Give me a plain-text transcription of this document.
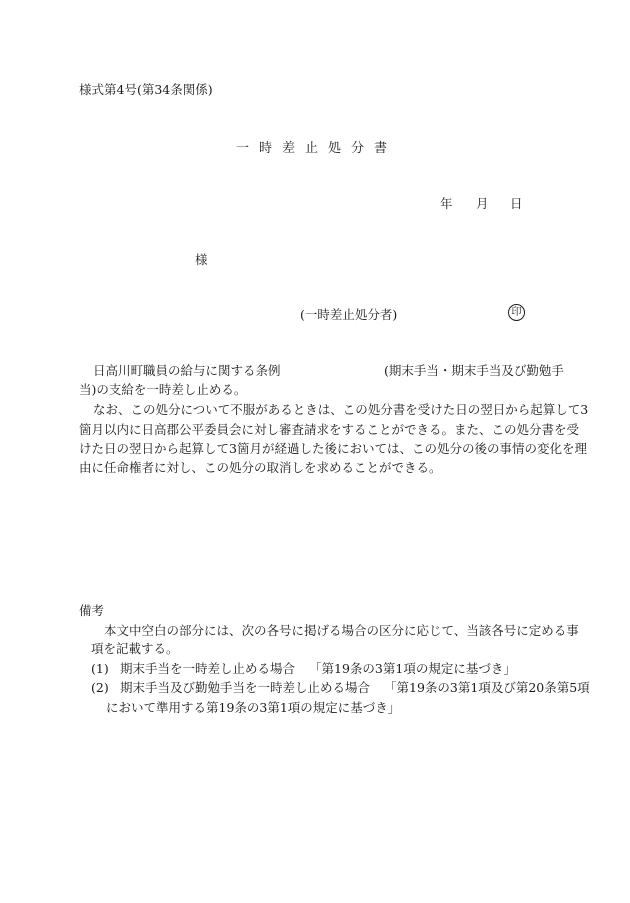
様式第4号(第34条関係)
一時差止処分書
年 月 日
様
(一時差止処分者)	印
日高川町職員の給与に関する条例	(期末手当・期末手当及び勤勉手
当)の支給を一時差し止める。
なお、この処分について不服があるときは、この処分書を受けた日の翌日から起算して3
箇月以内に日高郡公平委員会に対し審査請求をすることができる。また、この処分書を受
けた日の翌日から起算して3箇月が経過した後においては、この処分の後の事情の変化を理
由に任命権者に対し、この処分の取消しを求めることができる。
備考
本文中空白の部分には、次の各号に掲げる場合の区分に応じて、当該各号に定める事
項を記載する。
(1) 期末手当を一時差し止める場合 「第19条の3第1項の規定に基づき」
(2) 期末手当及び勤勉手当を一時差し止める場合 「第19条の3第1項及び第20条第5項
において準用する第19条の3第1項の規定に基づき」
